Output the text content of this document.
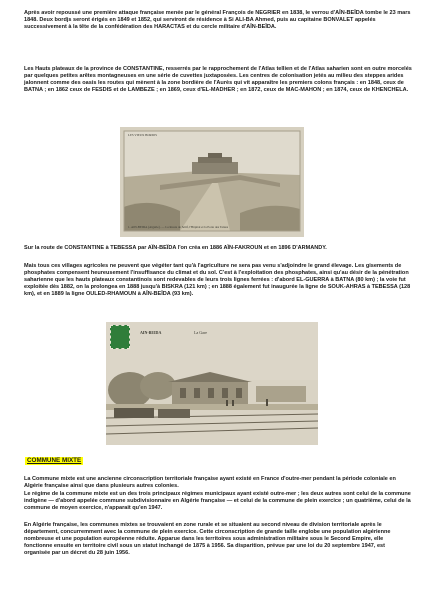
Après avoir repoussé une première attaque française menée par le général François de NEGRIER en 1838, le verrou d'AÏN-BEÏDA tombe le 23 mars 1848. Deux bordjs seront érigés en 1849 et 1852, qui serviront de résidence à Si ALI-BA Ahmed, puis au capitaine BONVALET appelés successivement à la tête de la confédération des HARACTAS et du cercle militaire d'AÏN-BEÏDA.

Les Hauts plateaux de la province de CONSTANTINE, resserrés par le rapprochement de l'Atlas tellien et de l'Atlas saharien sont en outre morcelés par quelques petites arêtes montagneuses en une série de cuvettes juxtaposées. Les centres de colonisation jetés au milieu des steppes arides jalonnent comme des oasis les routes qui mènent à la zone bordière de l'Aurès qui vit apparaître les premiers colons français : en 1848, ceux de BATNA ; en 1862 ceux de FESDIS et de LAMBEZE ; en 1869, ceux d'EL-MADHER ; en 1872, ceux de MAC-MAHON ; en 1874, ceux de KHENCHELA.

LES VIEUX BORDJS
1. AIN-BEIDA (Algérie). — La Route de Sétif, l'Hôpital et la Porte des Tentes

Sur la route de CONSTANTINE à TEBESSA par AÏN-BEÏDA l'on créa en 1886 AÏN-FAKROUN et en 1896 D'ARMANDY.

Mais tous ces villages agricoles ne peuvent que végéter tant qu'à l'agriculture ne sera pas venu s'adjoindre le grand élevage. Les gisements de phosphates compensent heureusement l'insuffisance du climat et du sol. C'est à l'exploitation des phosphates, ainsi qu'au désir de la pénétration saharienne que les hauts plateaux constantinois sont redevables de leurs trois lignes ferrées : d'abord EL-GUERRA à BATNA (80 km) ; la voie fut exploitée dès 1882, on la prolongea en 1888 jusqu'à BISKRA (121 km) ; en 1888 également fut inaugurée la ligne de SOUK-AHRAS à TEBESSA (128 km), et en 1889 la ligne OULED-RHAMOUN à AÏN-BEÏDA (93 km).

AIN-BEIDA	La Gare

COMMUNE MIXTE

La Commune mixte est une ancienne circonscription territoriale française ayant existé en France d'outre-mer pendant la période coloniale en Algérie française ainsi que dans plusieurs autres colonies.

Le régime de la commune mixte est un des trois principaux régimes municipaux ayant existé outre-mer ; les deux autres sont celui de la commune indigène — d'abord appelée commune subdivisionnaire en Algérie française — et celui de la commune de plein exercice ; un quatrième, celui de la commune de moyen exercice, n'apparait qu'en 1947.

En Algérie française, les communes mixtes se trouvaient en zone rurale et se situaient au second niveau de division territoriale après le département, concurremment avec la commune de plein exercice. Cette circonscription de grande taille englobe une population algérienne nombreuse et une population européenne réduite. Apparue dans les territoires sous administration militaire sous le Second Empire, elle fonctionne ensuite en territoire civil sous un statut inchangé de 1875 à 1956. Sa disparition, prévue par une loi du 20 septembre 1947, est organisée par un décret du 28 juin 1956.
